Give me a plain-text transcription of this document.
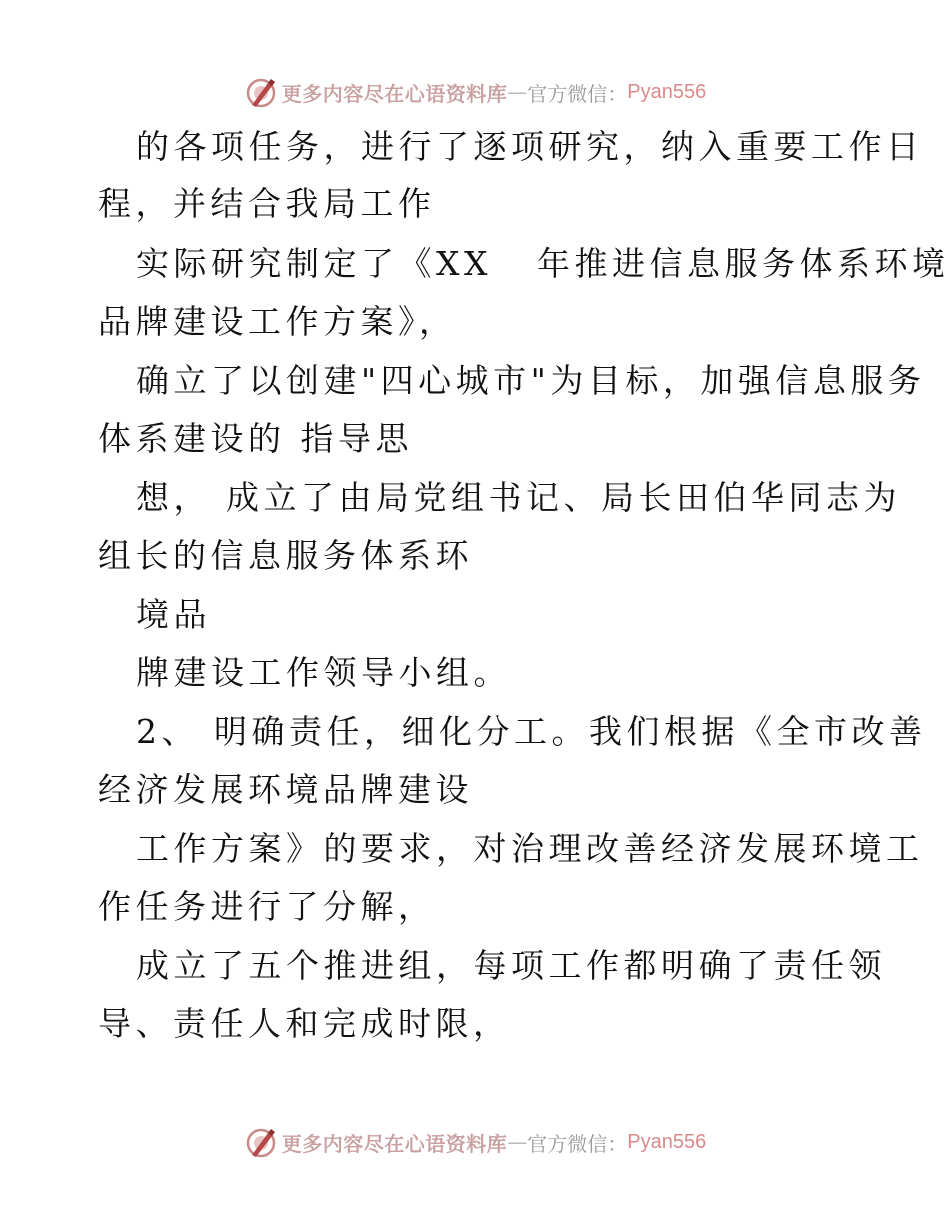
更多内容尽在心语资料库 — 官方微信： Pyan556
的各项任务，进行了逐项研究，纳入重要工作日
程，并结合我局工作
实际研究制定了《XX   年推进信息服务体系环境
品牌建设工作方案》，
确立了以创建"四心城市"为目标，加强信息服务
体系建设的 指导思
想， 成立了由局党组书记、局长田伯华同志为
组长的信息服务体系环
境品
牌建设工作领导小组。
2、 明确责任，细化分工。我们根据《全市改善
经济发展环境品牌建设
工作方案》的要求，对治理改善经济发展环境工
作任务进行了分解，
成立了五个推进组，每项工作都明确了责任领
导、责任人和完成时限，
更多内容尽在心语资料库 — 官方微信： Pyan556
